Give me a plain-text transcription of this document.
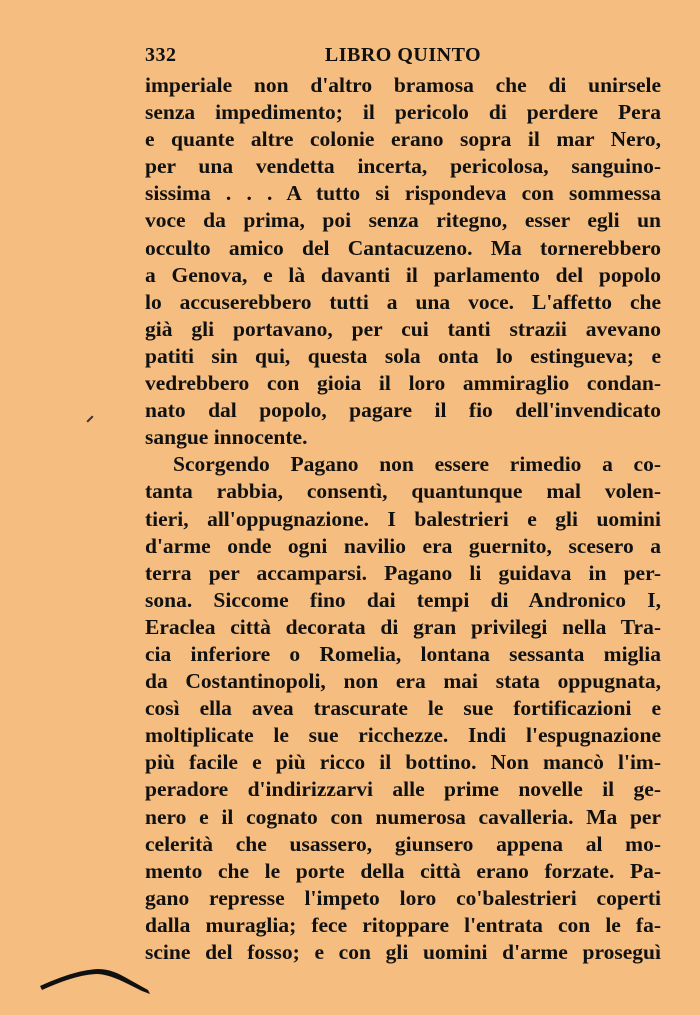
332	LIBRO QUINTO
imperiale non d'altro bramosa che di unirsele
senza impedimento; il pericolo di perdere Pera
e quante altre colonie erano sopra il mar Nero,
per una vendetta incerta, pericolosa, sanguino-
sissima . . . A tutto si rispondeva con sommessa
voce da prima, poi senza ritegno, esser egli un
occulto amico del Cantacuzeno. Ma tornerebbero
a Genova, e là davanti il parlamento del popolo
lo accuserebbero tutti a una voce. L'affetto che
già gli portavano, per cui tanti strazii avevano
patiti sin qui, questa sola onta lo estingueva; e
vedrebbero con gioia il loro ammiraglio condan-
nato dal popolo, pagare il fio dell'invendicato
sangue innocente.
Scorgendo Pagano non essere rimedio a co-
tanta rabbia, consentì, quantunque mal volen-
tieri, all'oppugnazione. I balestrieri e gli uomini
d'arme onde ogni navilio era guernito, scesero a
terra per accamparsi. Pagano li guidava in per-
sona. Siccome fino dai tempi di Andronico I,
Eraclea città decorata di gran privilegi nella Tra-
cia inferiore o Romelia, lontana sessanta miglia
da Costantinopoli, non era mai stata oppugnata,
così ella avea trascurate le sue fortificazioni e
moltiplicate le sue ricchezze. Indi l'espugnazione
più facile e più ricco il bottino. Non mancò l'im-
peradore d'indirizzarvi alle prime novelle il ge-
nero e il cognato con numerosa cavalleria. Ma per
celerità che usassero, giunsero appena al mo-
mento che le porte della città erano forzate. Pa-
gano represse l'impeto loro co'balestrieri coperti
dalla muraglia; fece ritoppare l'entrata con le fa-
scine del fosso; e con gli uomini d'arme proseguì
